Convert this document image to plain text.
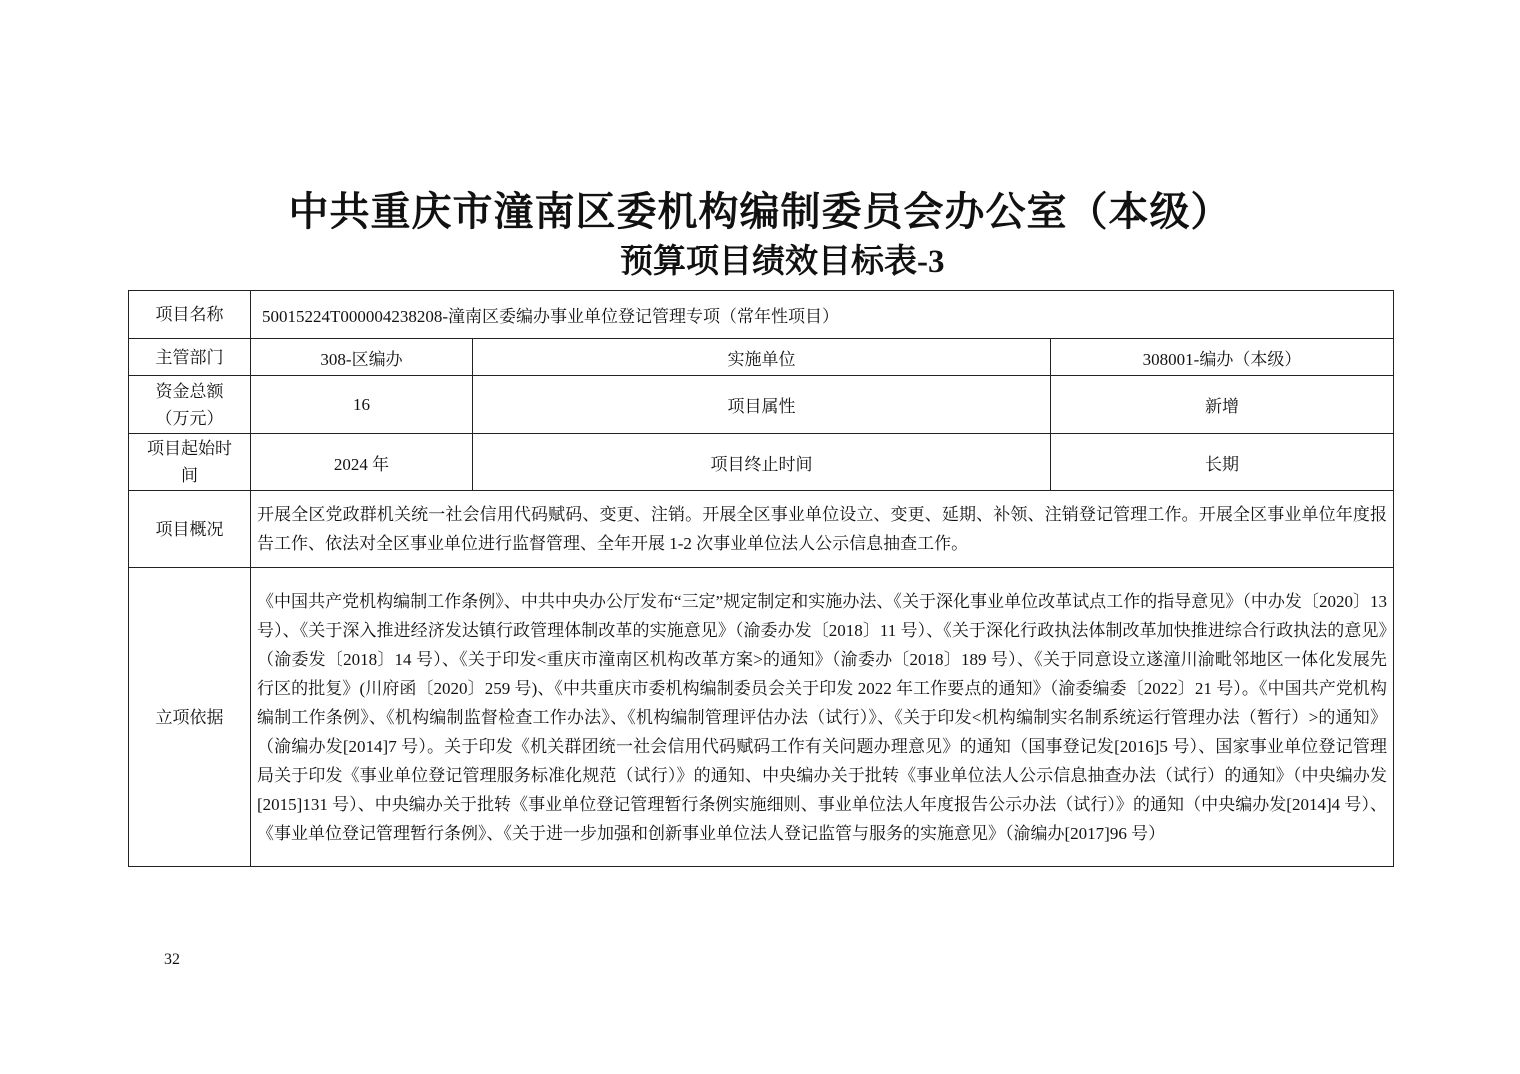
中共重庆市潼南区委机构编制委员会办公室（本级）
预算项目绩效目标表-3
项目名称	50015224T000004238208-潼南区委编办事业单位登记管理专项（常年性项目）		
主管部门	308-区编办	实施单位	308001-编办（本级）
资金总额
（万元）	16	项目属性	新增
项目起始时
间	2024 年	项目终止时间	长期
项目概况	开展全区党政群机关统一社会信用代码赋码、变更、注销。开展全区事业单位设立、变更、延期、补领、注销登记管理工作。开展全区事业单位年度报告工作、依法对全区事业单位进行监督管理、全年开展 1-2 次事业单位法人公示信息抽查工作。		
立项依据	《中国共产党机构编制工作条例》、中共中央办公厅发布“三定”规定制定和实施办法、《关于深化事业单位改革试点工作的指导意见》（中办发〔2020〕13 号）、《关于深入推进经济发达镇行政管理体制改革的实施意见》（渝委办发〔2018〕11 号）、《关于深化行政执法体制改革加快推进综合行政执法的意见》（渝委发〔2018〕14 号）、《关于印发<重庆市潼南区机构改革方案>的通知》（渝委办〔2018〕189 号）、《关于同意设立遂潼川渝毗邻地区一体化发展先行区的批复》(川府函〔2020〕259 号)、《中共重庆市委机构编制委员会关于印发 2022 年工作要点的通知》（渝委编委〔2022〕21 号）。《中国共产党机构编制工作条例》、《机构编制监督检查工作办法》、《机构编制管理评估办法（试行）》、《关于印发<机构编制实名制系统运行管理办法（暂行）>的通知》（渝编办发[2014]7 号）。关于印发《机关群团统一社会信用代码赋码工作有关问题办理意见》的通知（国事登记发[2016]5 号）、国家事业单位登记管理局关于印发《事业单位登记管理服务标准化规范（试行）》的通知、中央编办关于批转《事业单位法人公示信息抽查办法（试行）的通知》（中央编办发[2015]131 号）、中央编办关于批转《事业单位登记管理暂行条例实施细则、事业单位法人年度报告公示办法（试行）》的通知（中央编办发[2014]4 号）、《事业单位登记管理暂行条例》、《关于进一步加强和创新事业单位法人登记监管与服务的实施意见》（渝编办[2017]96 号）		
32
